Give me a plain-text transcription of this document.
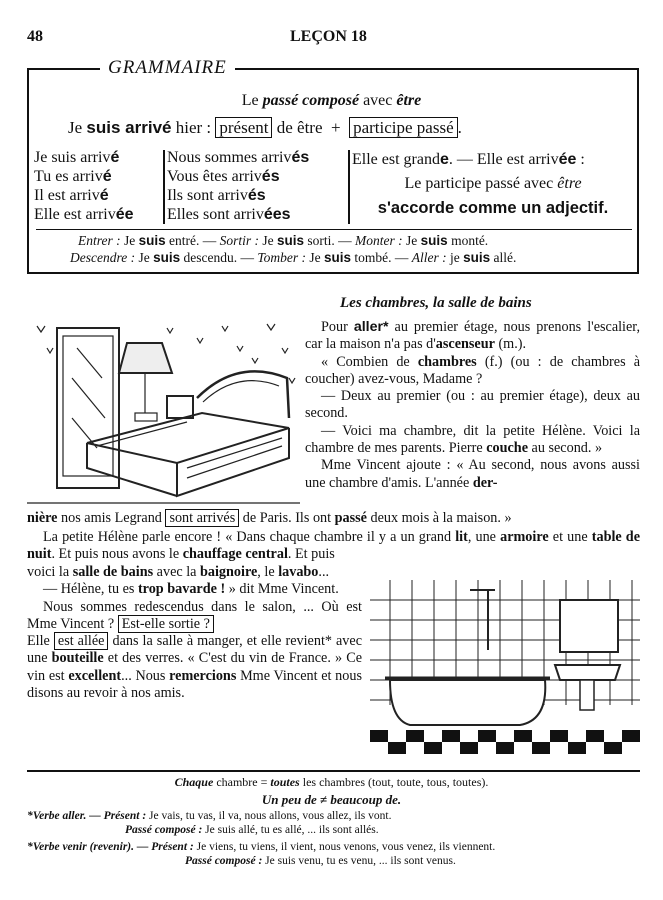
48	LEÇON 18
GRAMMAIRE
Le passé composé avec être
Je suis arrivé hier : présent de être  +  participe passé .
Je suis arrivé
Tu es arrivé
Il est arrivé
Elle est arrivée
Nous sommes arrivés
Vous êtes arrivés
Ils sont arrivés
Elles sont arrivées
Elle est grande. — Elle est arrivée :
Le participe passé avec être
s'accorde comme un adjectif.
Entrer : Je suis entré. — Sortir : Je suis sorti. — Monter : Je suis monté.
Descendre : Je suis descendu. — Tomber : Je suis tombé. — Aller : je suis allé.
Les chambres, la salle de bains
Pour aller* au premier étage, nous prenons l'escalier, car la maison n'a pas d'ascenseur (m.).
« Combien de chambres (f.) (ou : de chambres à coucher) avez-vous, Madame ?
— Deux au premier (ou : au premier étage), deux au second.
— Voici ma chambre, dit la petite Hélène. Voici la chambre de mes parents. Pierre couche au second. »
Mme Vincent ajoute : « Au second, nous avons aussi une chambre d'amis. L'année der-
nière nos amis Legrand sont arrivés de Paris. Ils ont passé deux mois à la maison. »
La petite Hélène parle encore ! « Dans chaque chambre il y a un grand lit, une armoire et une table de nuit. Et puis nous avons le chauffage central. Et puis
voici la salle de bains avec la baignoire, le lavabo...
— Hélène, tu es trop bavarde ! » dit Mme Vincent.
Nous sommes redescendus dans le salon, ... Où est Mme Vincent ? Est-elle sortie ?
Elle est allée dans la salle à manger, et elle revient* avec une bouteille et des verres. « C'est du vin de France. » Ce vin est excellent... Nous remercions Mme Vincent et nous disons au revoir à nos amis.
Chaque chambre = toutes les chambres (tout, toute, tous, toutes).
Un peu de ≠ beaucoup de.
*Verbe aller. — Présent : Je vais, tu vas, il va, nous allons, vous allez, ils vont.
Passé composé : Je suis allé, tu es allé, ... ils sont allés.
*Verbe venir (revenir). — Présent : Je viens, tu viens, il vient, nous venons, vous venez, ils viennent.
Passé composé : Je suis venu, tu es venu, ... ils sont venus.
